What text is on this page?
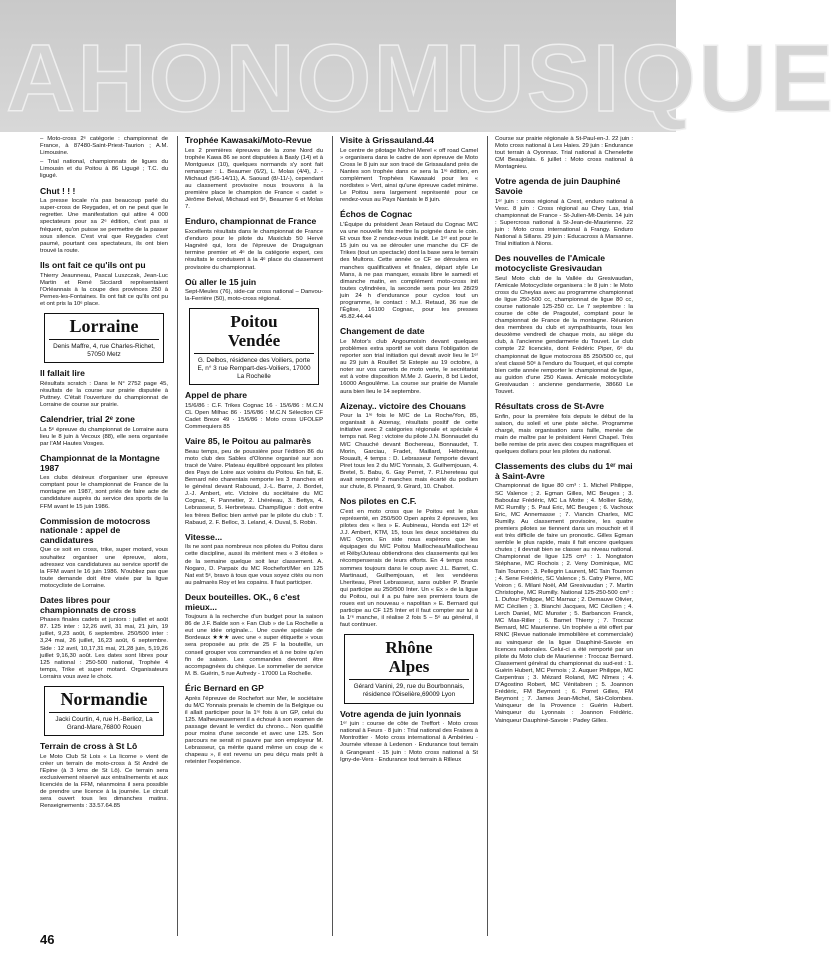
AHONOMUSIQUE

– Moto-cross 2ᵉ catégorie : championnat de France, à 87480-Saint-Priest-Taurion ; A.M. Limousine.

– Trial national, championnats de ligues du Limousin et du Poitou à 86 Ligugé ; T.C. du ligugé.

Chut ! ! !

La presse locale n'a pas beaucoup parlé du super-cross de Reygades, et on ne peut que le regretter. Une manifestation qui attire 4 000 spectateurs pour sa 2ᵉ édition, c'est pas si fréquent, qu'on puisse se permettre de la passer sous silence. C'est vrai que Reygades c'est paumé, pourtant ces spectateurs, ils ont bien trouvé la route.

Ils ont fait ce qu'ils ont pu

Thierry Jeaunneau, Pascal Luszczak, Jean-Luc Martin et René Sicciardi représentaient l'Orléannais à la coupe des provinces 250 à Pernes-les-Fontaines. Ils ont fait ce qu'ils ont pu et ont pris la 10ᵉ place.

Lorraine
Denis Maffre, 4, rue Charles-Richet, 57050 Metz
Il fallait lire

Résultats scratch : Dans le N° 2752 page 45, résultats de la course sur prairie disputée à Puttney. C'était l'ouverture du championnat de Lorraine de course sur prairie.

Calendrier, trial 2ᵉ zone

La 5ᵉ épreuve du championnat de Lorraine aura lieu le 8 juin à Vecoux (88), elle sera organisée par l'AM Hautes Vosges.

Championnat de la Montagne 1987

Les clubs désireux d'organiser une épreuve comptant pour le championnat de France de la montagne en 1987, sont priés de faire acte de candidature auprès du service des sports de la FFM avant le 15 juin 1986.

Commission de motocross nationale : appel de candidatures

Que ce soit en cross, trike, super motard, vous souhaitez organiser une épreuve, alors, adressez vos candidatures au service sportif de la FFM avant le 16 juin 1986. N'oubliez pas que toute demande doit être visée par la ligue motocycliste de Lorraine.

Dates libres pour championnats de cross

Phases finales cadets et juniors : juillet et août 87. 125 inter : 12,26 avril, 31 mai, 21 juin, 19 juillet, 9,23 août, 6 septembre. 250/500 inter : 3,24 mai, 26 juillet, 16,23 août, 6 septembre. Side : 12 avril, 10,17,31 mai, 21,28 juin, 5,19,26 juillet 9,16,30 août. Les dates sont libres pour 125 national : 250-500 national, Trophée 4 temps, Trike et super motard. Organisateurs Lorrains vous avez le choix.

Normandie
Jacki Courtin, 4, rue H.-Berlioz, La Grand-Mare,76800 Rouen
Terrain de cross à St Lô

Le Moto Club St Lois « La licorne » vient de créer un terrain de moto-cross à St André de l'Epine (à 3 kms de St Lô). Ce terrain sera exclusivement réservé aux entraînements et aux licenciés de la FFM, néanmoins il sera possible de prendre une licence à la journée. Le circuit sera ouvert tous les dimanches matins. Renseignements : 33.57.64.85

Trophée Kawasaki/Moto-Revue

Les 2 premières épreuves de la zone Nord du trophée Kawa 86 se sont disputées à Basly (14) et à Montgueux (10), quelques normands s'y sont fait remarquer : L. Beaumer (6/2), L. Molas (4/4), J. -Michaud (5/6-14/11), A. Saouad (8/-11/-), cependant au classement provisoire nous trouvons à la première place le champion de France « cadet » Jérôme Belval, Michaud est 5ᵉ, Beaumer 6 et Molas 7.

Enduro, championnat de France

Excellents résultats dans le championnat de France d'enduro pour le pilote du Maxiclub 50 Hervé Hagnéré qui, lors de l'épreuve de Draguignan termine premier et 4ᵉ de la catégorie expert, ces résultats le conduisent à la 4ᵉ place du classement provisoire du championnat.

Où aller le 15 juin

Sept-Meules (76), side-car cross national – Danvou-la-Ferrière (50), moto-cross régional.

Poitou
Vendée
G. Delbos, résidence des Voiliers, porte E, n° 3 rue Rempart-des-Voiliers, 17000 La Rochelle
Appel de phare

15/6/86 : C.F. Trikes Cognac 16 · 15/6/86 : M.C.N CL Open Milhac 86 · 15/6/86 : M.C.N Sélection CF Cadet Breze 49 · 15/6/86 : Moto cross UFOLEP Commequiers 85

Vaire 85, le Poitou au palmarès

Beau temps, peu de poussière pour l'édition 86 du moto club des Sables d'Olonne organisé sur son tracé de Vaire. Plateau équilibré opposant les pilotes des Pays de Loire aux voisins du Poitou. En fait, E. Bernard néo charentais remporte les 3 manches et le général devant Rabouad, J.-L. Barre, J. Bordet, J.-J. Ambert, etc. Victoire du sociétaire du MC Cognac, F. Pannetier, 2. Lhéréeau, 3. Bettys, 4. Lebrasseur, 5. Herbreteau. Champ/ligue : doit entre les frères Belloc bien arrivé par le pilote du club : T. Rabaud, 2. F. Belloc, 3. Leland, 4. Duval, 5. Robin.

Vitesse...

Ils ne sont pas nombreux nos pilotes du Poitou dans cette discipline, aussi ils méritent mes « 3 étoiles » de la semaine quelque soit leur classement. A. Nogaro, D. Parpaix du MC Rochefort/Mer en 125 Nat est 5ᵉ, bravo à tous que vous soyez cités ou non au palmarès Roy et les copains. Il faut participer.

Deux bouteilles. OK., 6 c'est mieux...

Toujours à la recherche d'un budget pour la saison 86 de J.F. Balde son « Fan Club » de La Rochelle a eut une idée originale... Une cuvée spéciale de Bordeaux ★★★ avec une « super étiquette » vous sera proposée au prix de 25 F la bouteille, un conseil grouper vos commandes et à ne boire qu'en fin de saison. Les commandes devront être accompagnées du chèque. Le sommelier de service M. B. Guérin, 5 rue Aufredy - 17000 La Rochelle.

Éric Bernard en GP

Après l'épreuve de Rochefort sur Mer, le sociétaire du M/C Yonnais prenais le chemin de la Belgique ou il allait participer pour la 1ʳᵉ fois à un GP, celui du 125. Malheureusement il a échoué à son examen de passage devant le verdict du chrono... Non qualifié pour moins d'une seconde et avec une 125. Son parcours ne serait ni pauvre par son employeur M. Lebrasseur, ça mérite quand même un coup de « chapeau », il est revenu un peu déçu mais prêt à reteinter l'expérience.

Visite à Grissauland.44

Le centre de pilotage Michel Merel « off road Camel » organisera dans le cadre de son épreuve de Moto Cross le 8 juin sur son tracé de Grissauland près de Nantes son trophée dans ce sera la 1ʳᵉ édition, en complément Trophées Kawasaki pour les « nordistes » Vert, ainsi qu'une épreuve cadet minime. Le Poitou sera largement représenté pour ce rendez-vous au Pays Nantais le 8 juin.

Échos de Cognac

L'Équipe du président Jean Retaud du Cognac M/C va une nouvelle fois mettre la poignée dans le coin. Et vous fixe 2 rendez-vous inédit. Le 1ᵉʳ est pour le 15 juin ou va se dérouler une manche du CF de Trikes (tout un spectacle) dont la base sera le terrain des Multons. Cette année ce CF se déroulera en manches qualificatives et finales, départ style Le Mans, à ne pas manquer, essais libre le samedi et dimanche matin, en complément moto-cross init toutes cylindrées, la seconde sera pour les 28/29 juin 24 h d'endurance pour cyclos tout un programme, le contact : M.J. Retaud, 36 rue de l'Église, 16100 Cognac, pour les presses 45.82.44.44

Changement de date

Le Motor's club Angoumoisin devant quelques problèmes extra sportif se voit dans l'obligation de reporter son trial initiation qui devait avoir lieu le 1ᵉʳ au 29 juin à Rouillet St Estepie au 19 octobre, à noter sur vos carnets de moto verte, le secrétariat est à votre disposition M.Me J. Guerin, 8 bd Liedot, 16000 Angoulême. La course sur prairie de Mansle aura bien lieu le 14 septembre.

Aizenay.. victoire des Chouans

Pour la 1ʳᵉ fois le M/C de La Roche/Yon, 85, organisait à Aizenay, résultats positif de cette initiative avec 2 catégories régionale et spéciale 4 temps nat. Reg : victoire du pilote J.N. Bonnaudet du M/C Chauché devant Bochereau, Bonnaudet, T. Morin, Garciau, Fradet, Maillard, Hébréteau, Rouault, 4 temps : D. Lebrasseur l'emporte devant Piret tous les 2 du M/C Yonnais, 3. Guilhemjouan, 4. Bretel, 5. Babu, 6. Gay Perret, 7. P.Lhereteau qui avait remporté 2 manches mais écarté du podium sur chute, 8. Pinsard, 9. Girard, 10. Chabot.

Nos pilotes en C.F.

C'est en moto cross que le Poitou est le plus représenté, en 250/500 Open après 2 épreuves, les pilotes des « lies » E. Aubineau, Honda est 12ᵉ et J.J. Ambert, KTM, 15, tous les deux sociétaires du M/C Oyron. En side nous espérons que les équipages du M/C Poitou Maillocheau/Maillocheau et Réby/Juteau obtiendrons des classements qui les récompenserais de leurs efforts. En 4 temps nous sommes toujours dans le coup avec J.L. Barret, C. Martinaud, Guilhemjouan, et les vendéens Lheriteau, Piret Lebrasseur, sans oublier P. Branle qui participe au 250/500 Inter. Un « Ex » de la ligue du Poitou, oui il a pu faire ses premiers tours de roues est un nouveau « napolitan » E. Bernard qui participe au CF 125 Inter et il faut compter sur lui à la 1ʳᵉ manche, il réalise 2 fois 5 – 5ᵉ au général, il faut continuer.

Rhône
Alpes
Gérard Vanini, 29, rue du Bourbonnais, résidence l'Oiselière,69009 Lyon
Votre agenda de juin lyonnais

1ᵉʳ juin : course de côte de Treffort · Moto cross national à Feurs · 8 juin : Trial national des Fraises à Montrottier · Moto cross international à Ambérieu · Journée vitesse à Ledenon · Endurance tout terrain à Grangeant · 15 juin : Moto cross national à St Igny-de-Vers · Endurance tout terrain à Rilleux

Course sur prairie régionale à St-Paul-en-J. 22 juin : Moto cross national à Les Haies. 29 juin : Endurance tout terrain à Oyonnax. Trial national à Chenelette CM Beaujolais. 6 juillet : Moto cross national à Montagnieu.

Votre agenda de juin Dauphiné Savoie

1ᵉʳ juin : cross régional à Crest, enduro national à Vesc. 8 juin : Cross régional au Chey Las, trial championnat de France - St-Julien-Mt-Denis. 14 juin : Supercross national à St-Jean-de-Maurienne. 22 juin : Moto cross international à Frangy. Enduro National à Sillans. 29 juin : Educacross à Marsanne. Trial initiation à Nions.

Des nouvelles de l'Amicale motocycliste Gresivaudan

Seul Moto club de la Vallée du Gresivaudan, l'Amicale Motocycliste organisera : le 8 juin : le Moto cross du Cheylas avec au programme championnat de ligue 250-500 cc, championnat de ligue 80 cc, course nationale 125-250 cc. Le 7 septembre : la course de côte de Pragoutel, comptant pour le championnat de France de la montagne. Réunion des membres du club et sympathisants, tous les deuxième vendredi de chaque mois, au siège du club, à l'ancienne gendarmerie du Touvet. Le club compte 22 licenciés, dont Frédéric Piper, 6ᵉ du championnat de ligue motocross 85 250/500 cc, qui s'est classé 50ᵉ à l'enduro du Touquet, et qui compte bien cette année remporter le championnat de ligue, au guidon d'une 250 Kawa. Amicale motocycliste Gresivaudan : ancienne gendarmerie, 38660 Le Touvet.

Résultats cross de St-Avre

Enfin, pour la première fois depuis le début de la saison, du soleil et une piste sèche. Programme chargé, mais organisation sans faille, menée de main de maître par le président Henri Chapel. Très belle remise de prix avec des coupes magnifiques et quelques dollars pour les pilotes du national.

Classements des clubs du 1ᵉʳ mai à Saint-Avre

Championnat de ligue 80 cm³ : 1. Michel Philippe, SC Valence ; 2. Egman Gilles, MC Beuges ; 3. Baboulaz Frédéric, MC La Motte ; 4. Mollier Eddy, MC Rumilly ; 5. Paul Eric, MC Beuges ; 6. Vachoux Eric, MC Annemasse ; 7. Viancin Charles, MC Rumilly. Au classement provisoire, les quatre premiers pilotes se tiennent dans un mouchoir et il est très difficile de faire un pronostic. Gilles Egman semble le plus rapide, mais il fait encore quelques chutes ; il devrait bien se classer au niveau national. Championnat de ligue 125 cm³ : 1. Nongtaton Stéphane, MC Rochois ; 2. Veny Dominique, MC Tain Tournon ; 3. Pellegrin Laurent, MC Tain Tournon ; 4. Sene Frédéric, SC Valence ; 5. Catry Pierre, MC Voiron ; 6. Milani Noël, AM Gresivaudan ; 7. Martin Christophe, MC Rumilly. National 125-250-500 cm³ : 1. Dufour Philippe, MC Marnaz ; 2. Demauve Olivier, MC Cécilien ; 3. Bianchi Jacques, MC Cécilien ; 4. Lerch Daniel, MC Munster ; 5. Barbancon Franck, MC Mas-Riller ; 6. Barnet Thierry ; 7. Troccaz Bernard, MC Maurienne. Un trophée a été offert par RNIC (Revue nationale immobilière et commerciale) au vainqueur de la ligue Dauphiné-Savoie en licences nationales. Celui-ci a été remporté par un pilote du Moto club de Maurienne : Troccaz Bernard. Classement général du championnat du sud-est : 1. Guérin Hubert, MC Pernois ; 2. Auquer Philippe, MC Carpentras ; 3. Mézard Roland, MC Nîmes ; 4. D'Agostino Robert, MC Vénitabren ; 5. Joannon Frédéric, FM Beymont ; 6. Porret Gilles, FM Beymont ; 7. James Jean-Michel, Ski-Colombes. Vainqueur de la Provence : Guérin Hubert. Vainqueur du Lyonnais : Joannon Frédéric. Vainqueur Dauphiné-Savoie : Padey Gilles.

46
